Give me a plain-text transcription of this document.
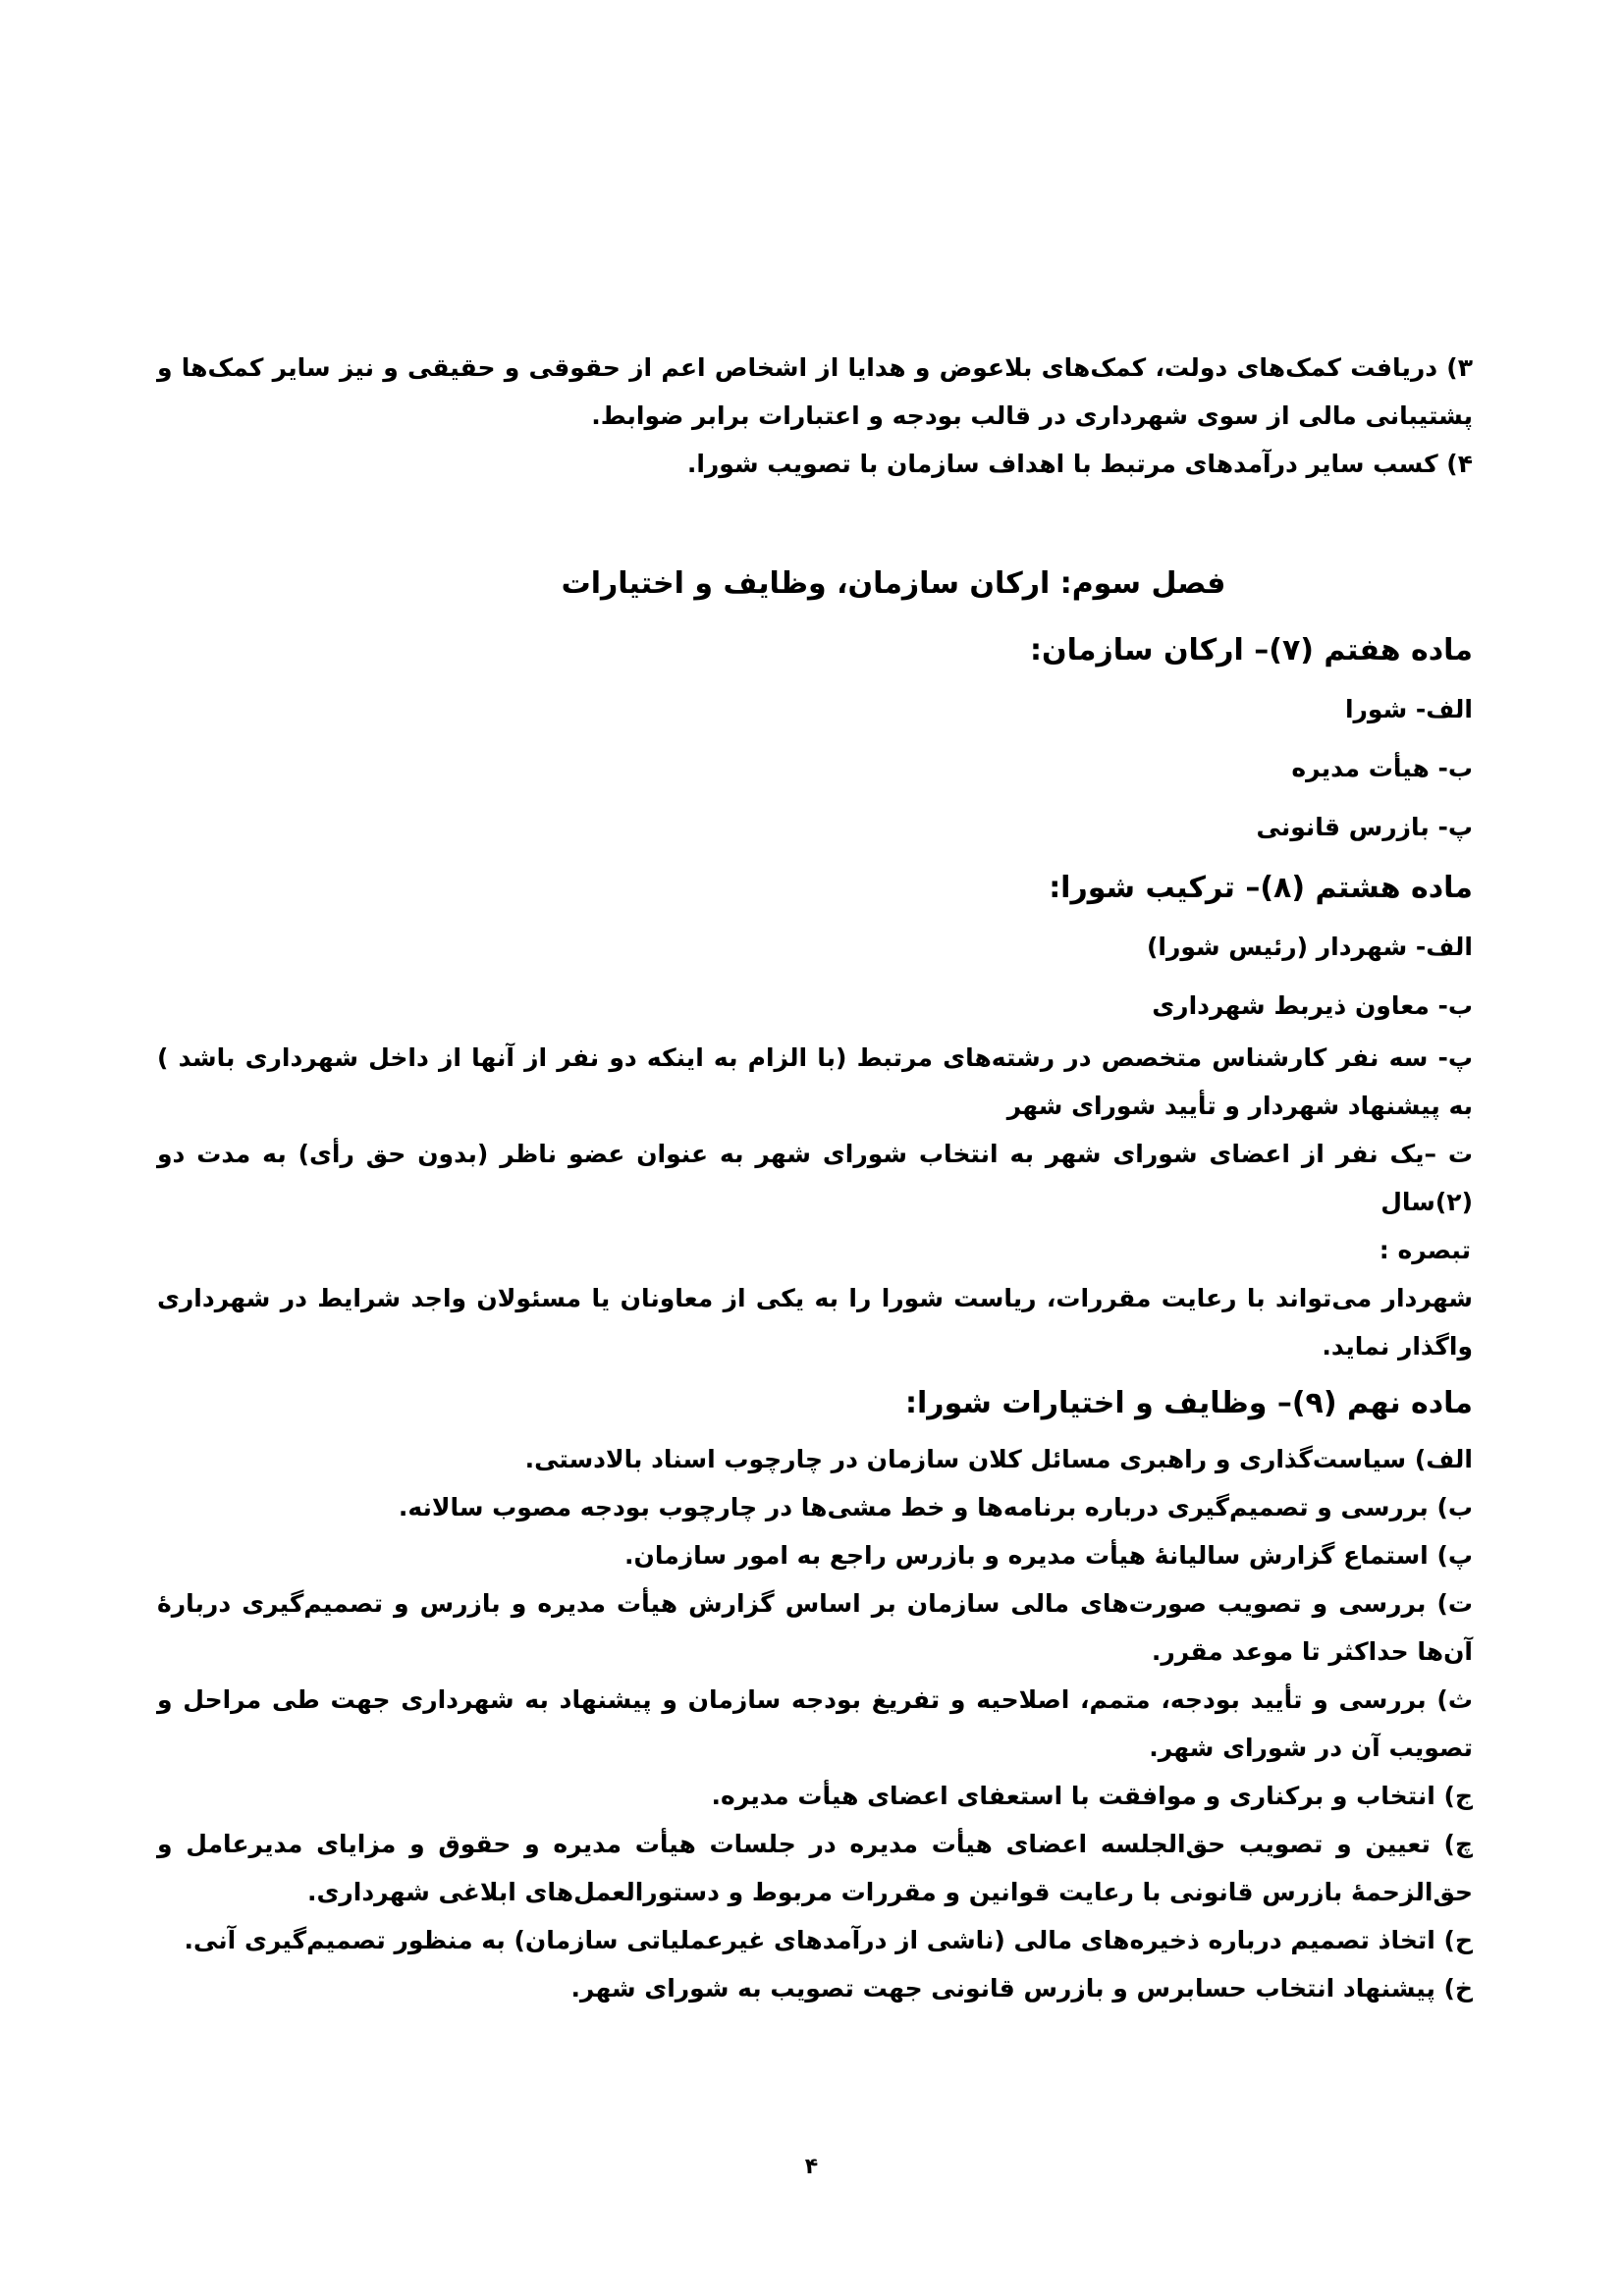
۳) دریافت کمک‌های دولت، کمک‌های بلاعوض و هدایا از اشخاص اعم از حقوقی و حقیقی و نیز سایر کمک‌ها و پشتیبانی مالی از سوی شهرداری در قالب بودجه و اعتبارات برابر ضوابط.

۴) کسب سایر درآمدهای مرتبط با اهداف سازمان با تصویب شورا.

فصل سوم: ارکان سازمان، وظایف و اختیارات

ماده هفتم (۷)– ارکان سازمان:

الف- شورا

ب- هیأت مدیره

پ- بازرس قانونی

ماده هشتم (۸)– ترکیب شورا:

الف- شهردار (رئیس شورا)

ب- معاون ذیربط شهرداری

پ- سه نفر کارشناس متخصص در رشته‌های مرتبط (با الزام به اینکه دو نفر از آنها از داخل شهرداری باشد ) به پیشنهاد شهردار و تأیید شورای شهر

ت –یک نفر از اعضای شورای شهر به انتخاب شورای شهر به عنوان عضو ناظر (بدون حق رأی) به مدت دو (۲)سال

تبصره :

شهردار می‌تواند با رعایت مقررات، ریاست شورا را به یکی از معاونان یا مسئولان واجد شرایط در شهرداری واگذار نماید.

ماده نهم (۹)– وظایف و اختیارات شورا:

الف) سیاست‌گذاری و راهبری مسائل کلان سازمان در چارچوب اسناد بالادستی.

ب) بررسی و تصمیم‌گیری درباره برنامه‌ها و خط مشی‌ها در چارچوب بودجه مصوب سالانه.

پ) استماع گزارش سالیانهٔ هیأت مدیره و بازرس راجع به امور سازمان.

ت) بررسی و تصویب صورت‌های مالی سازمان بر اساس گزارش هیأت مدیره و بازرس و تصمیم‌گیری دربارهٔ آن‌ها حداکثر تا موعد مقرر.

ث) بررسی و تأیید بودجه، متمم، اصلاحیه و تفریغ بودجه سازمان و پیشنهاد به شهرداری جهت طی مراحل و تصویب آن در شورای شهر.

ج) انتخاب و برکناری و موافقت با استعفای اعضای هیأت مدیره.

چ) تعیین و تصویب حق‌الجلسه اعضای هیأت مدیره در جلسات هیأت مدیره و حقوق و مزایای مدیرعامل و حق‌الزحمهٔ بازرس قانونی با رعایت قوانین و مقررات مربوط و دستورالعمل‌های ابلاغی شهرداری.

ح) اتخاذ تصمیم درباره ذخیره‌های مالی (ناشی از درآمدهای غیرعملیاتی سازمان) به منظور تصمیم‌گیری آنی.

خ) پیشنهاد انتخاب حسابرس و بازرس قانونی جهت تصویب به شورای شهر.

۴
